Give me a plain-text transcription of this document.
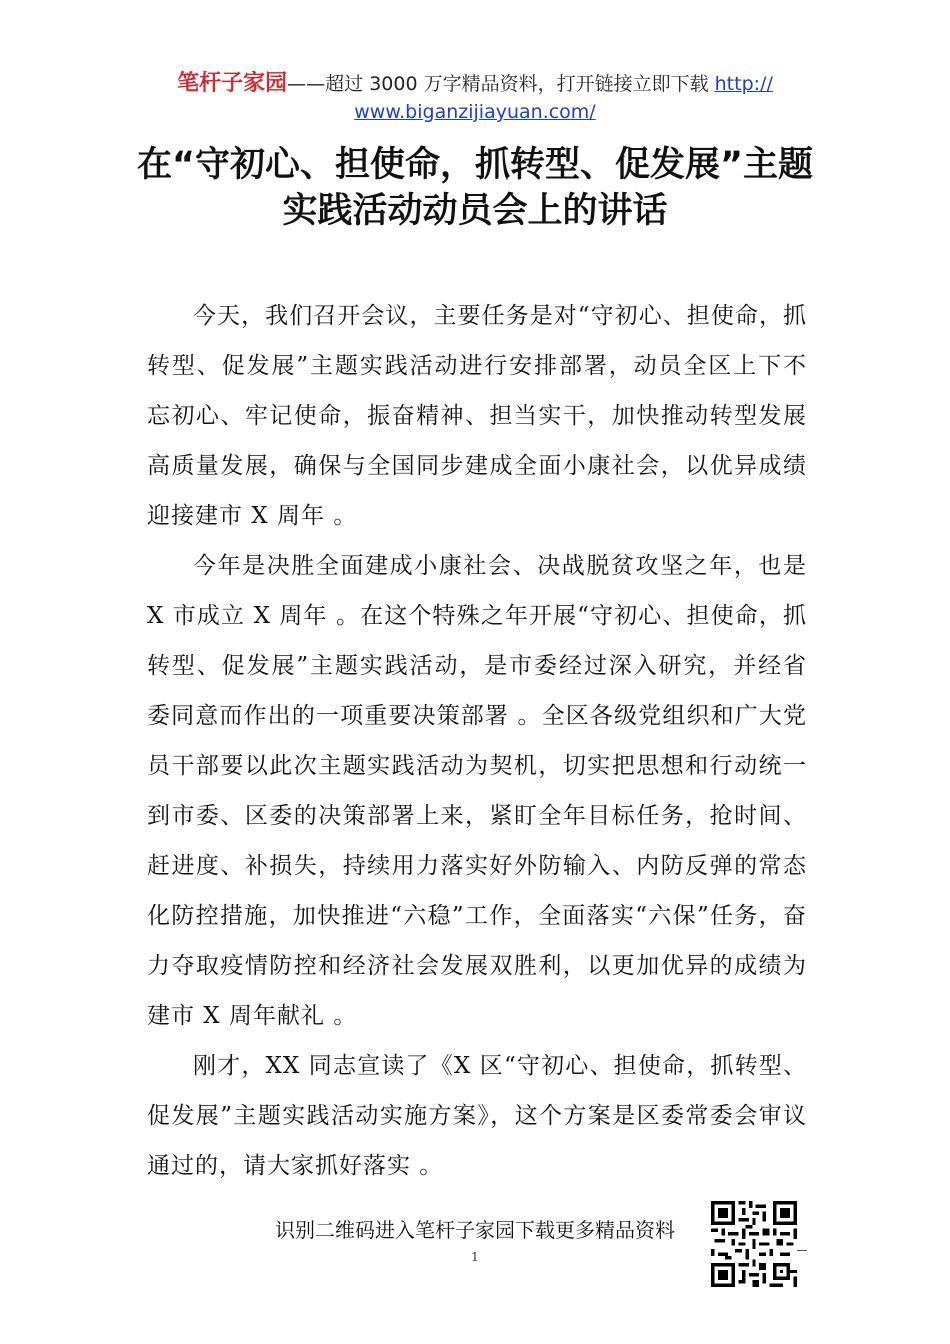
笔杆子家园——超过 3000 万字精品资料，打开链接立即下载 http://
www.biganzijiayuan.com/
在“守初心、担使命，抓转型、促发展”主题
实践活动动员会上的讲话

今天，我们召开会议，主要任务是对“守初心、担使命，抓转型、促发展”主题实践活动进行安排部署，动员全区上下不忘初心、牢记使命，振奋精神、担当实干，加快推动转型发展高质量发展，确保与全国同步建成全面小康社会，以优异成绩迎接建市 X 周年 。

今年是决胜全面建成小康社会、决战脱贫攻坚之年，也是 X 市成立 X 周年 。在这个特殊之年开展“守初心、担使命，抓转型、促发展”主题实践活动，是市委经过深入研究，并经省委同意而作出的一项重要决策部署 。全区各级党组织和广大党员干部要以此次主题实践活动为契机，切实把思想和行动统一到市委、区委的决策部署上来，紧盯全年目标任务，抢时间、赶进度、补损失，持续用力落实好外防输入、内防反弹的常态化防控措施，加快推进“六稳”工作，全面落实“六保”任务，奋力夺取疫情防控和经济社会发展双胜利，以更加优异的成绩为建市 X 周年献礼 。

刚才，XX 同志宣读了《X 区“守初心、担使命，抓转型、促发展”主题实践活动实施方案》，这个方案是区委常委会审议通过的，请大家抓好落实 。

识别二维码进入笔杆子家园下载更多精品资料
1
